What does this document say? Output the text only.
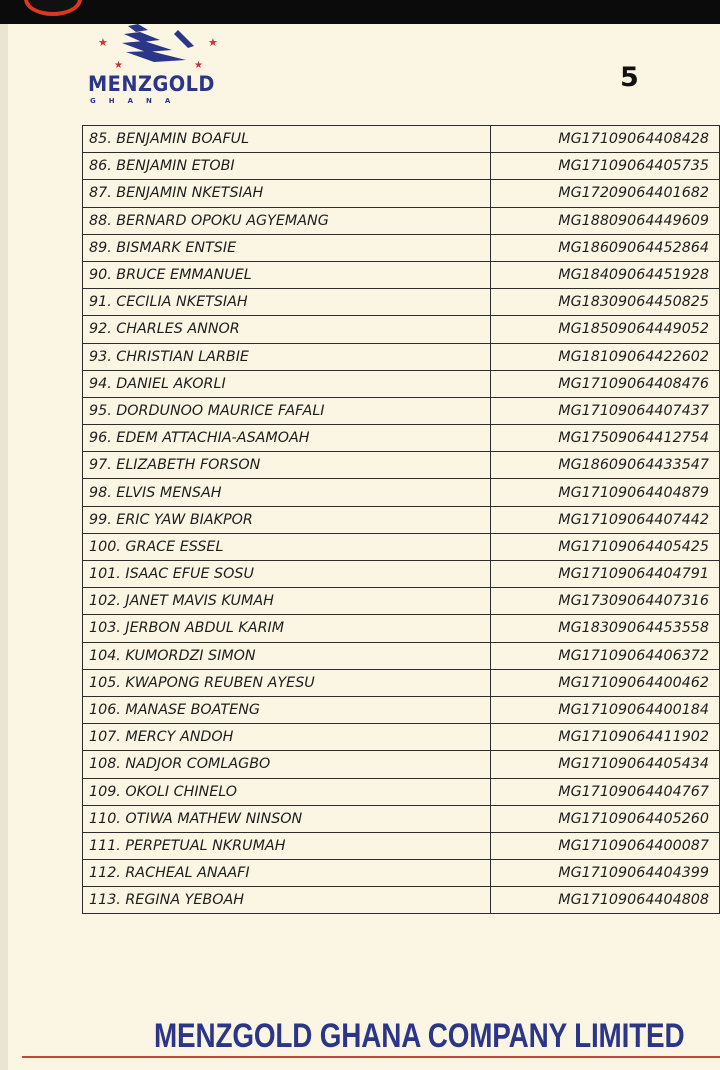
★	★
★	★
MENZGOLD
GHANA
5
85. BENJAMIN BOAFUL	MG17109064408428
86. BENJAMIN ETOBI	MG17109064405735
87. BENJAMIN NKETSIAH	MG17209064401682
88. BERNARD OPOKU AGYEMANG	MG18809064449609
89. BISMARK ENTSIE	MG18609064452864
90. BRUCE EMMANUEL	MG18409064451928
91. CECILIA NKETSIAH	MG18309064450825
92. CHARLES ANNOR	MG18509064449052
93. CHRISTIAN LARBIE	MG18109064422602
94. DANIEL AKORLI	MG17109064408476
95. DORDUNOO MAURICE FAFALI	MG17109064407437
96. EDEM ATTACHIA-ASAMOAH	MG17509064412754
97. ELIZABETH FORSON	MG18609064433547
98. ELVIS MENSAH	MG17109064404879
99. ERIC YAW BIAKPOR	MG17109064407442
100. GRACE ESSEL	MG17109064405425
101. ISAAC EFUE SOSU	MG17109064404791
102. JANET MAVIS KUMAH	MG17309064407316
103. JERBON ABDUL KARIM	MG18309064453558
104. KUMORDZI SIMON	MG17109064406372
105. KWAPONG REUBEN AYESU	MG17109064400462
106. MANASE BOATENG	MG17109064400184
107. MERCY ANDOH	MG17109064411902
108. NADJOR COMLAGBO	MG17109064405434
109. OKOLI CHINELO	MG17109064404767
110. OTIWA MATHEW NINSON	MG17109064405260
111. PERPETUAL NKRUMAH	MG17109064400087
112. RACHEAL ANAAFI	MG17109064404399
113. REGINA YEBOAH	MG17109064404808
MENZGOLD GHANA COMPANY LIMITED
